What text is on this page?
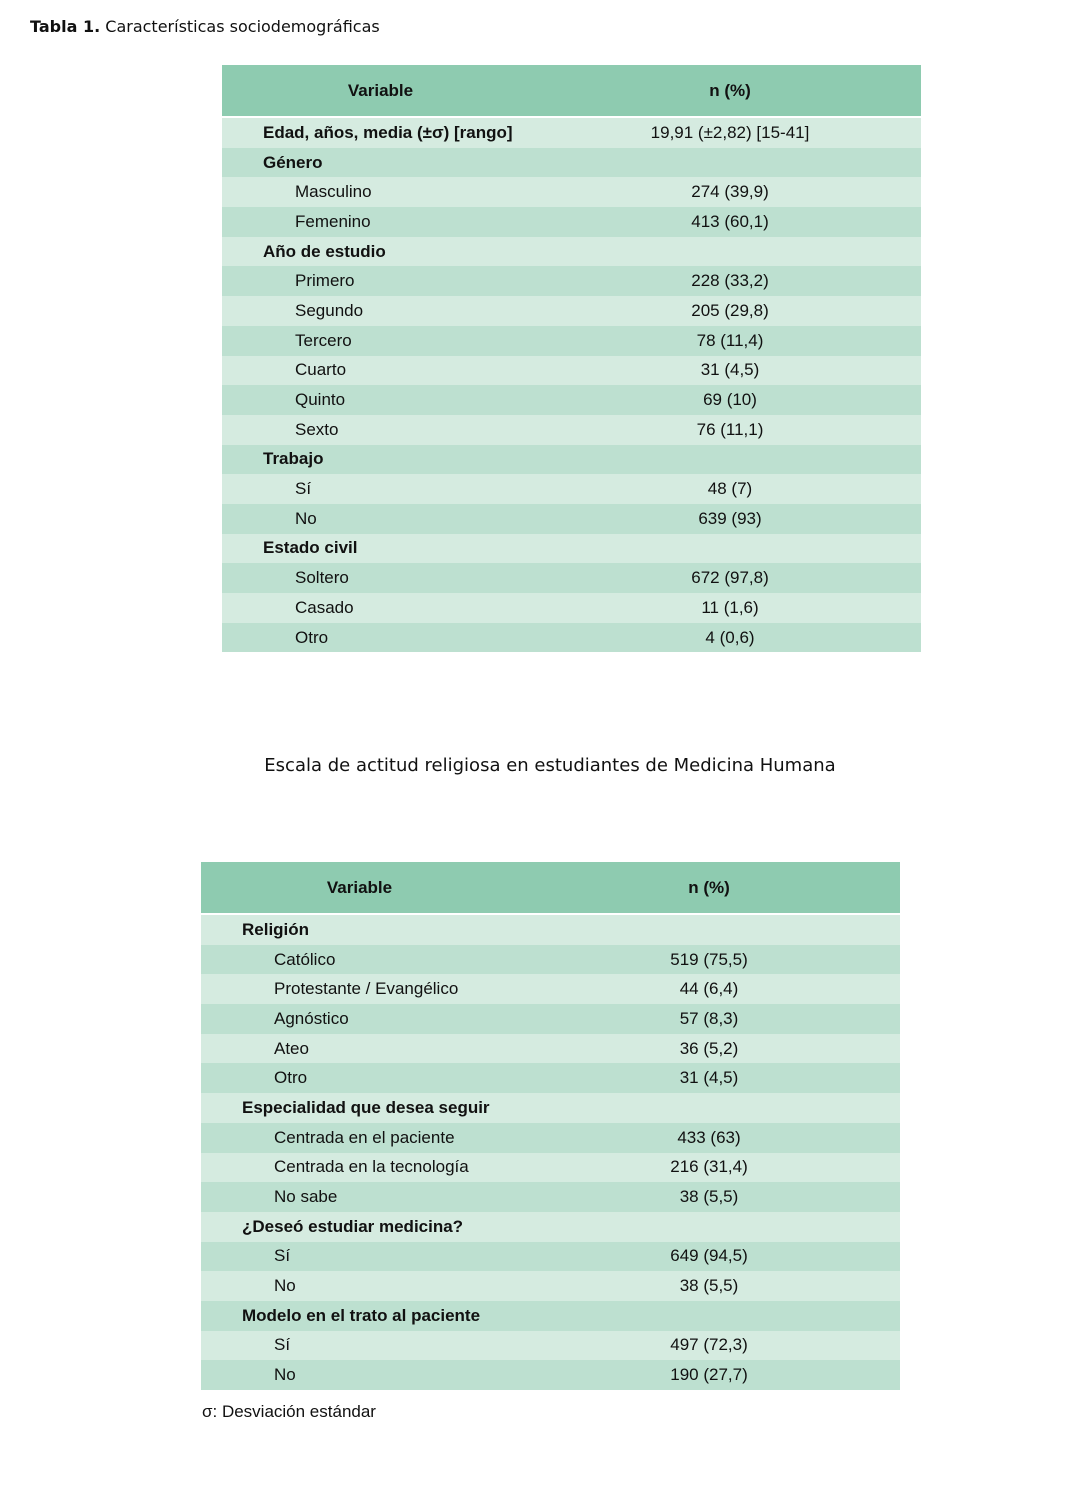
Tabla 1. Características sociodemográficas
Variable	n (%)
Edad, años, media (±σ) [rango]	19,91 (±2,82) [15-41]
Género	
Masculino	274 (39,9)
Femenino	413 (60,1)
Año de estudio	
Primero	228 (33,2)
Segundo	205 (29,8)
Tercero	78 (11,4)
Cuarto	31 (4,5)
Quinto	69 (10)
Sexto	76 (11,1)
Trabajo	
Sí	48 (7)
No	639 (93)
Estado civil	
Soltero	672 (97,8)
Casado	11 (1,6)
Otro	4 (0,6)
Escala de actitud religiosa en estudiantes de Medicina Humana
Variable	n (%)
Religión	
Católico	519 (75,5)
Protestante / Evangélico	44 (6,4)
Agnóstico	57 (8,3)
Ateo	36 (5,2)
Otro	31 (4,5)
Especialidad que desea seguir	
Centrada en el paciente	433 (63)
Centrada en la tecnología	216 (31,4)
No sabe	38 (5,5)
¿Deseó estudiar medicina?	
Sí	649 (94,5)
No	38 (5,5)
Modelo en el trato al paciente	
Sí	497 (72,3)
No	190 (27,7)
σ: Desviación estándar
